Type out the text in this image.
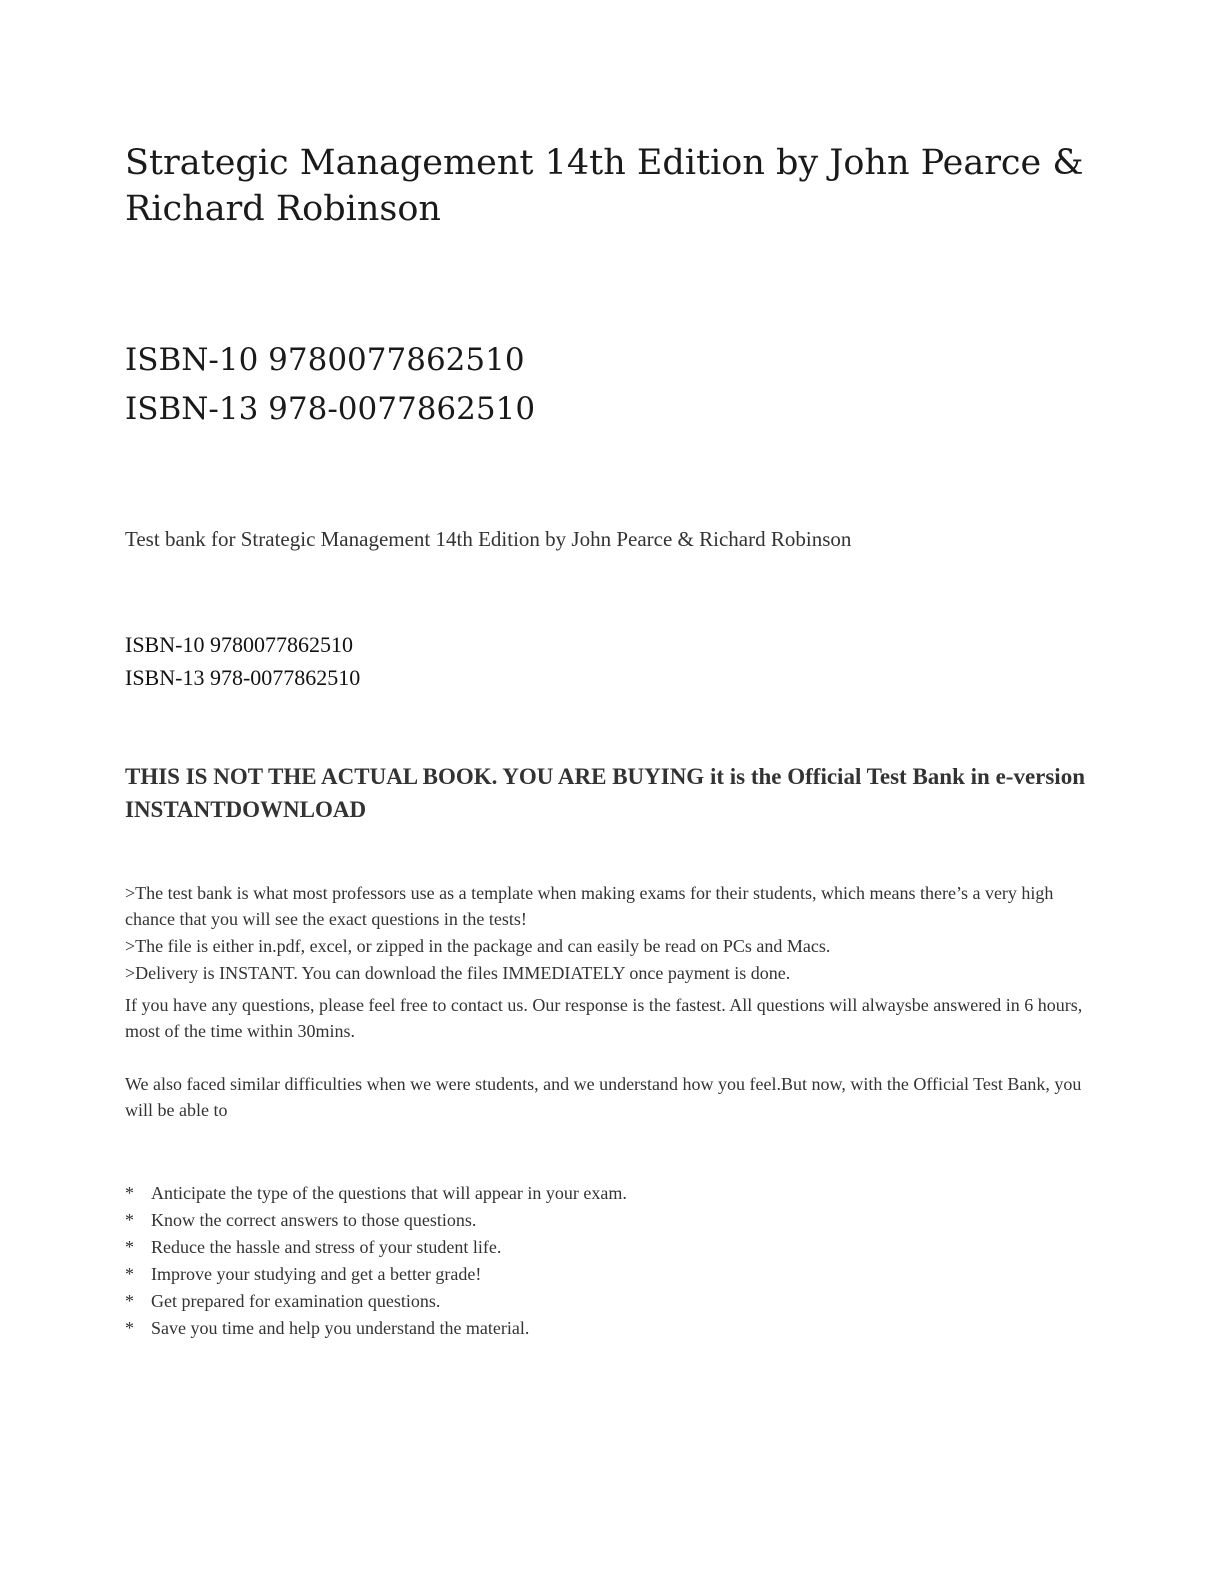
Strategic Management 14th Edition by John Pearce & Richard Robinson
ISBN-10 9780077862510
ISBN-13 978-0077862510

Test bank for Strategic Management 14th Edition by John Pearce & Richard Robinson

ISBN-10 9780077862510
ISBN-13 978-0077862510

THIS IS NOT THE ACTUAL BOOK. YOU ARE BUYING it is the Official Test Bank in e-version INSTANTDOWNLOAD

>The test bank is what most professors use as a template when making exams for their students, which means there’s a very high chance that you will see the exact questions in the tests!

>The file is either in.pdf, excel, or zipped in the package and can easily be read on PCs and Macs.

>Delivery is INSTANT. You can download the files IMMEDIATELY once payment is done.

If you have any questions, please feel free to contact us. Our response is the fastest. All questions will alwaysbe answered in 6 hours, most of the time within 30mins.

We also faced similar difficulties when we were students, and we understand how you feel.But now, with the Official Test Bank, you will be able to

* Anticipate the type of the questions that will appear in your exam.
* Know the correct answers to those questions.
* Reduce the hassle and stress of your student life.
* Improve your studying and get a better grade!
* Get prepared for examination questions.
* Save you time and help you understand the material.
